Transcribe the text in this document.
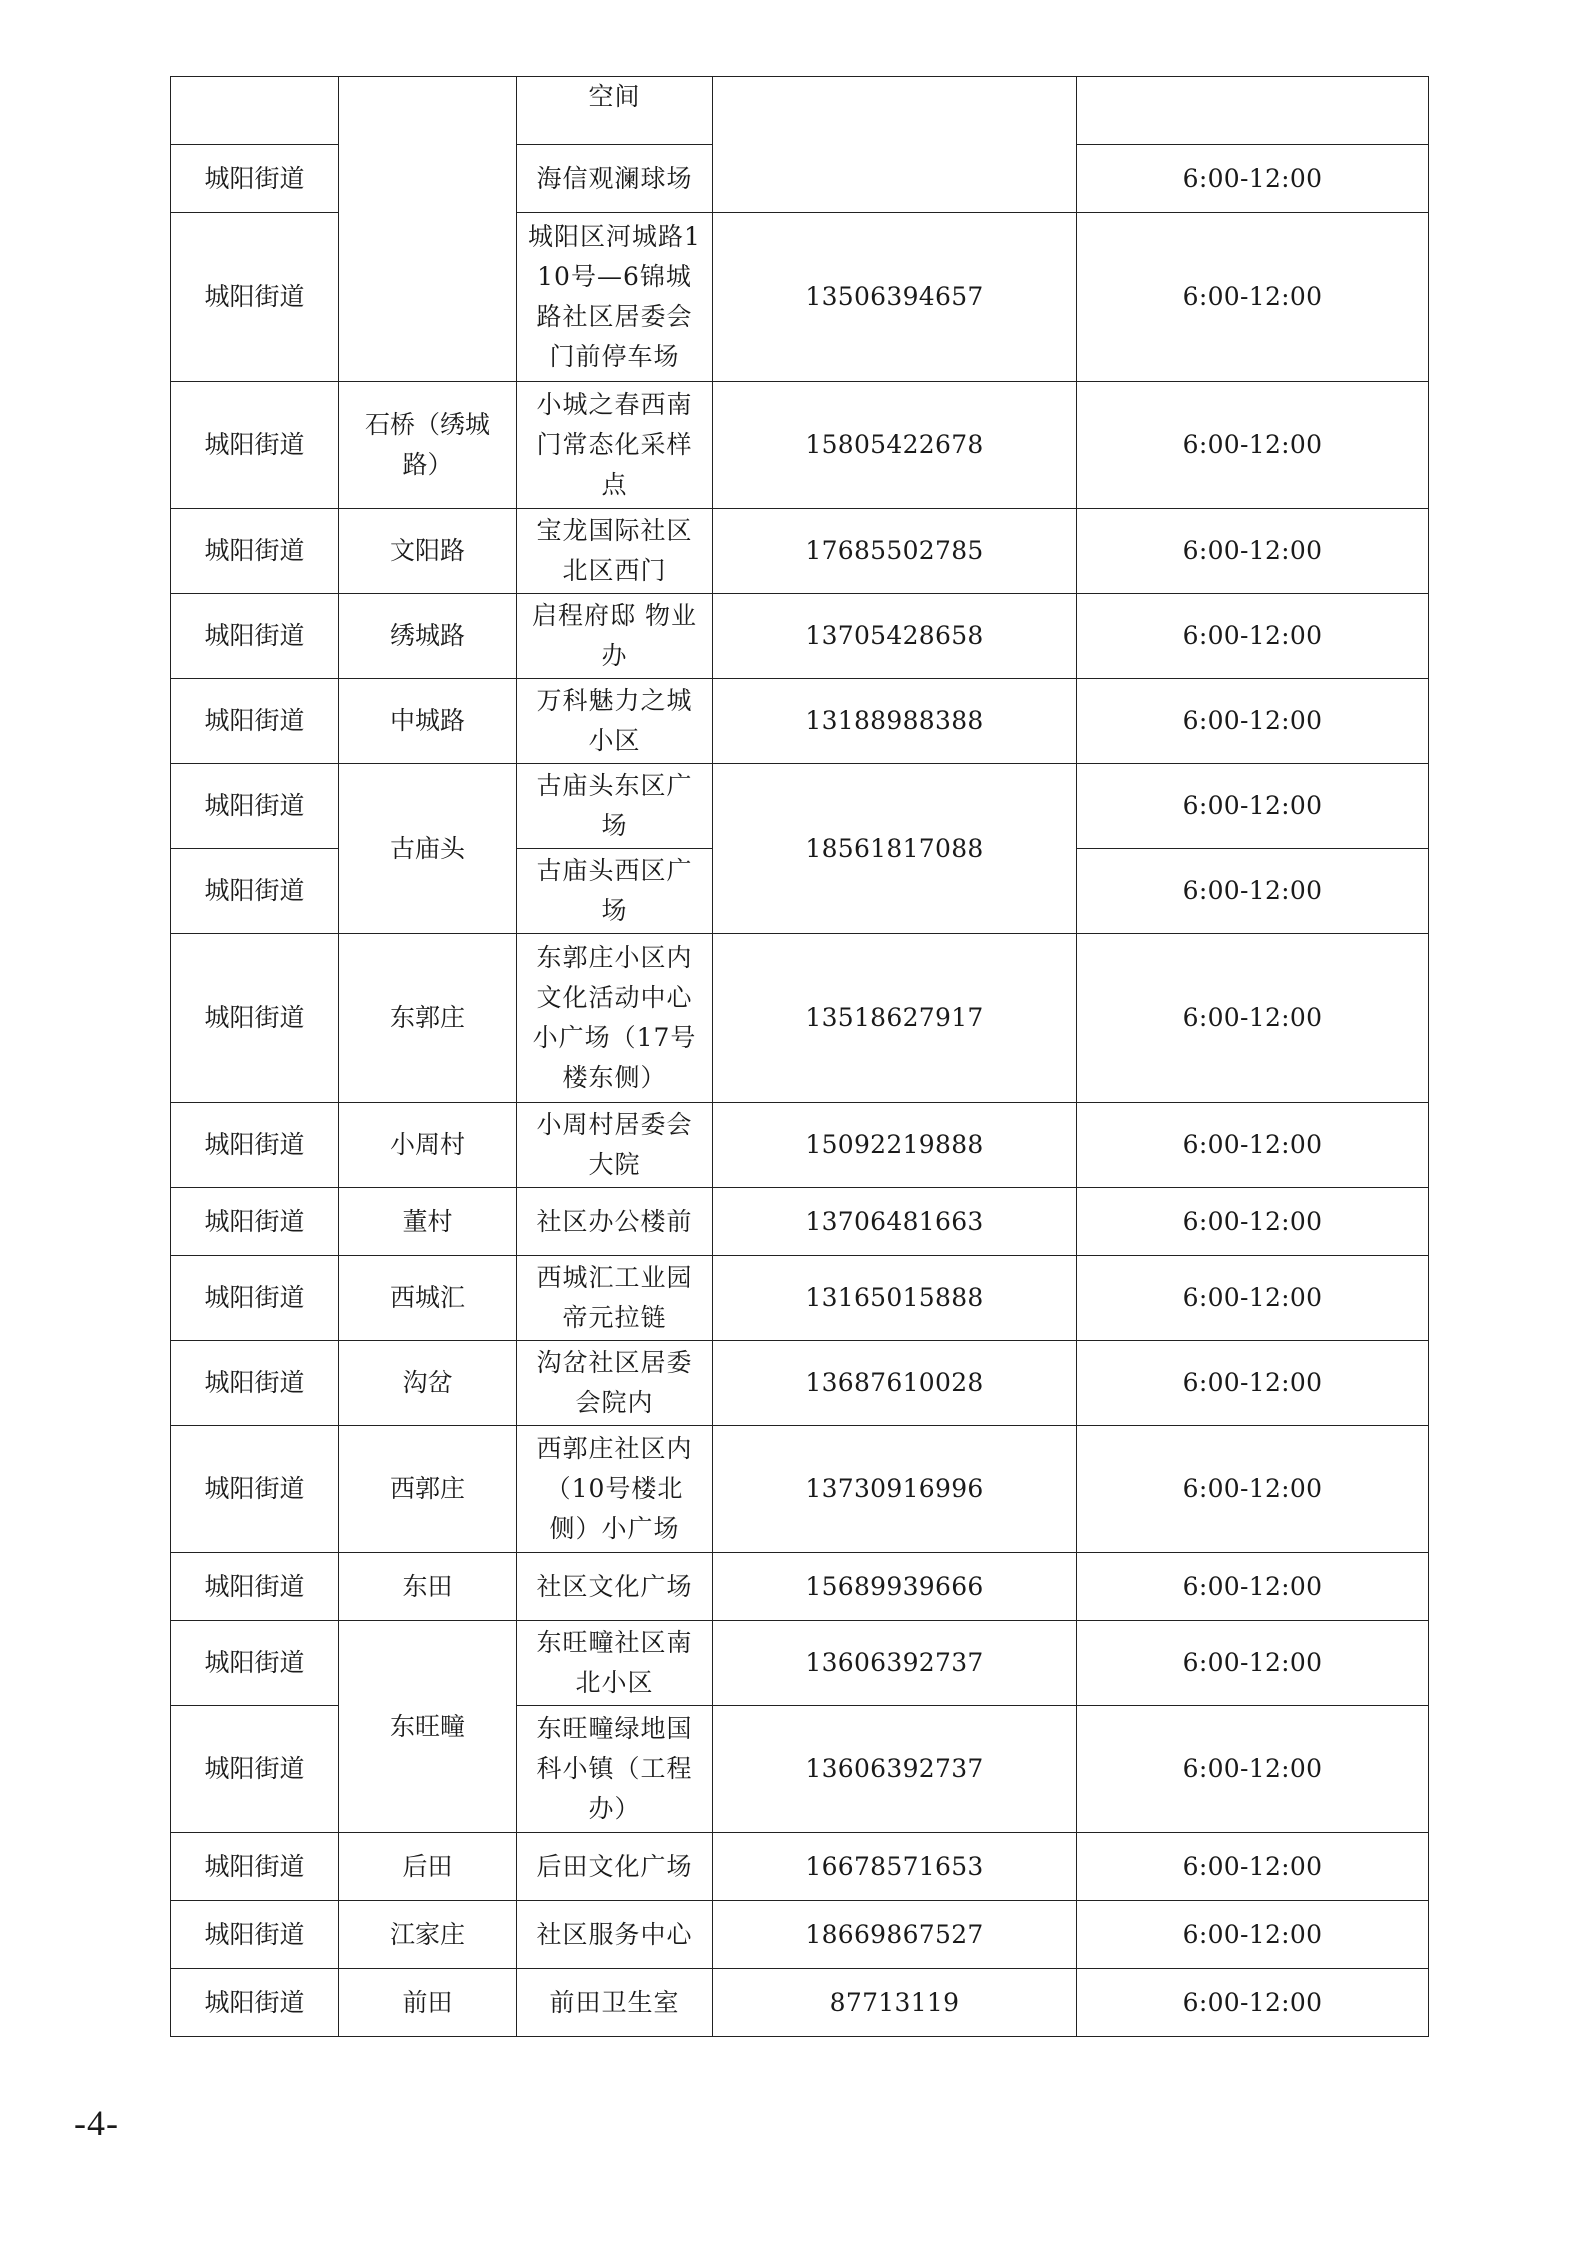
		空间		
城阳街道		海信观澜球场		6:00-12:00
城阳街道		城阳区河城路110号—6锦城路社区居委会门前停车场	13506394657	6:00-12:00
城阳街道	石桥（绣城路）	小城之春西南门常态化采样点	15805422678	6:00-12:00
城阳街道	文阳路	宝龙国际社区北区西门	17685502785	6:00-12:00
城阳街道	绣城路	启程府邸 物业办	13705428658	6:00-12:00
城阳街道	中城路	万科魅力之城小区	13188988388	6:00-12:00
城阳街道	古庙头	古庙头东区广场	18561817088	6:00-12:00
城阳街道		古庙头西区广场		6:00-12:00
城阳街道	东郭庄	东郭庄小区内文化活动中心小广场（17号楼东侧）	13518627917	6:00-12:00
城阳街道	小周村	小周村居委会大院	15092219888	6:00-12:00
城阳街道	董村	社区办公楼前	13706481663	6:00-12:00
城阳街道	西城汇	西城汇工业园帝元拉链	13165015888	6:00-12:00
城阳街道	沟岔	沟岔社区居委会院内	13687610028	6:00-12:00
城阳街道	西郭庄	西郭庄社区内（10号楼北侧）小广场	13730916996	6:00-12:00
城阳街道	东田	社区文化广场	15689939666	6:00-12:00
城阳街道	东旺疃	东旺疃社区南北小区	13606392737	6:00-12:00
城阳街道		东旺疃绿地国科小镇（工程办）	13606392737	6:00-12:00
城阳街道	后田	后田文化广场	16678571653	6:00-12:00
城阳街道	江家庄	社区服务中心	18669867527	6:00-12:00
城阳街道	前田	前田卫生室	87713119	6:00-12:00
-4-
